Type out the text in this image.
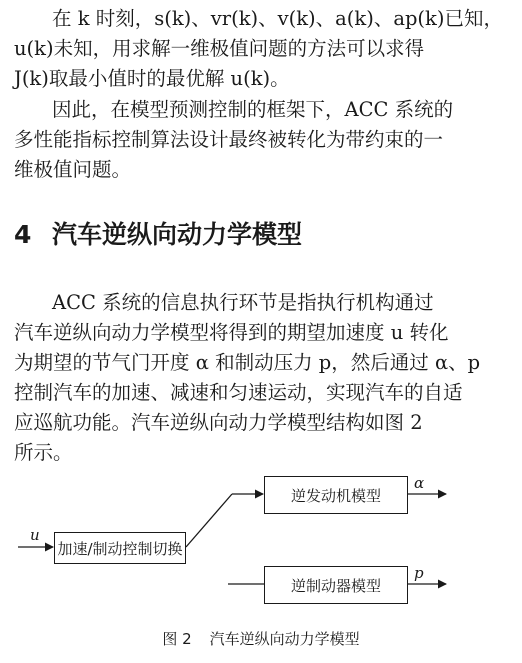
在 k 时刻，s(k)、vr(k)、v(k)、a(k)、ap(k)已知，
u(k)未知，用求解一维极值问题的方法可以求得
J(k)取最小值时的最优解 u(k)。
因此，在模型预测控制的框架下，ACC 系统的
多性能指标控制算法设计最终被转化为带约束的一
维极值问题。
4 汽车逆纵向动力学模型
ACC 系统的信息执行环节是指执行机构通过
汽车逆纵向动力学模型将得到的期望加速度 u 转化
为期望的节气门开度 α 和制动压力 p，然后通过 α、p
控制汽车的加速、减速和匀速运动，实现汽车的自适
应巡航功能。汽车逆纵向动力学模型结构如图 2
所示。
u
加速/制动控制切换
逆发动机模型
逆制动器模型
α
p
图 2 汽车逆纵向动力学模型
